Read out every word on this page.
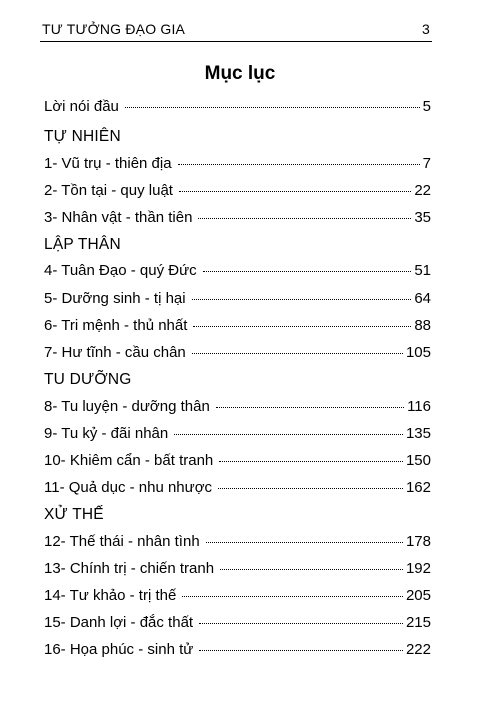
TƯ TƯỞNG ĐẠO GIA	3
Mục lục
Lời nói đầu	5
TỰ NHIÊN
1- Vũ trụ - thiên địa	7
2- Tồn tại - quy luật	22
3- Nhân vật - thần tiên	35
LẬP THÂN
4- Tuân Đạo - quý Đức	51
5- Dưỡng sinh - tị hại	64
6- Tri mệnh - thủ nhất	88
7- Hư tĩnh - cầu chân	105
TU DƯỠNG
8- Tu luyện - dưỡng thân	116
9- Tu kỷ - đãi nhân	135
10- Khiêm cẩn - bất tranh	150
11- Quả dục - nhu nhược	162
XỬ THẾ
12- Thế thái - nhân tình	178
13- Chính trị - chiến tranh	192
14- Tư khảo - trị thế	205
15- Danh lợi - đắc thất	215
16- Họa phúc - sinh tử	222
